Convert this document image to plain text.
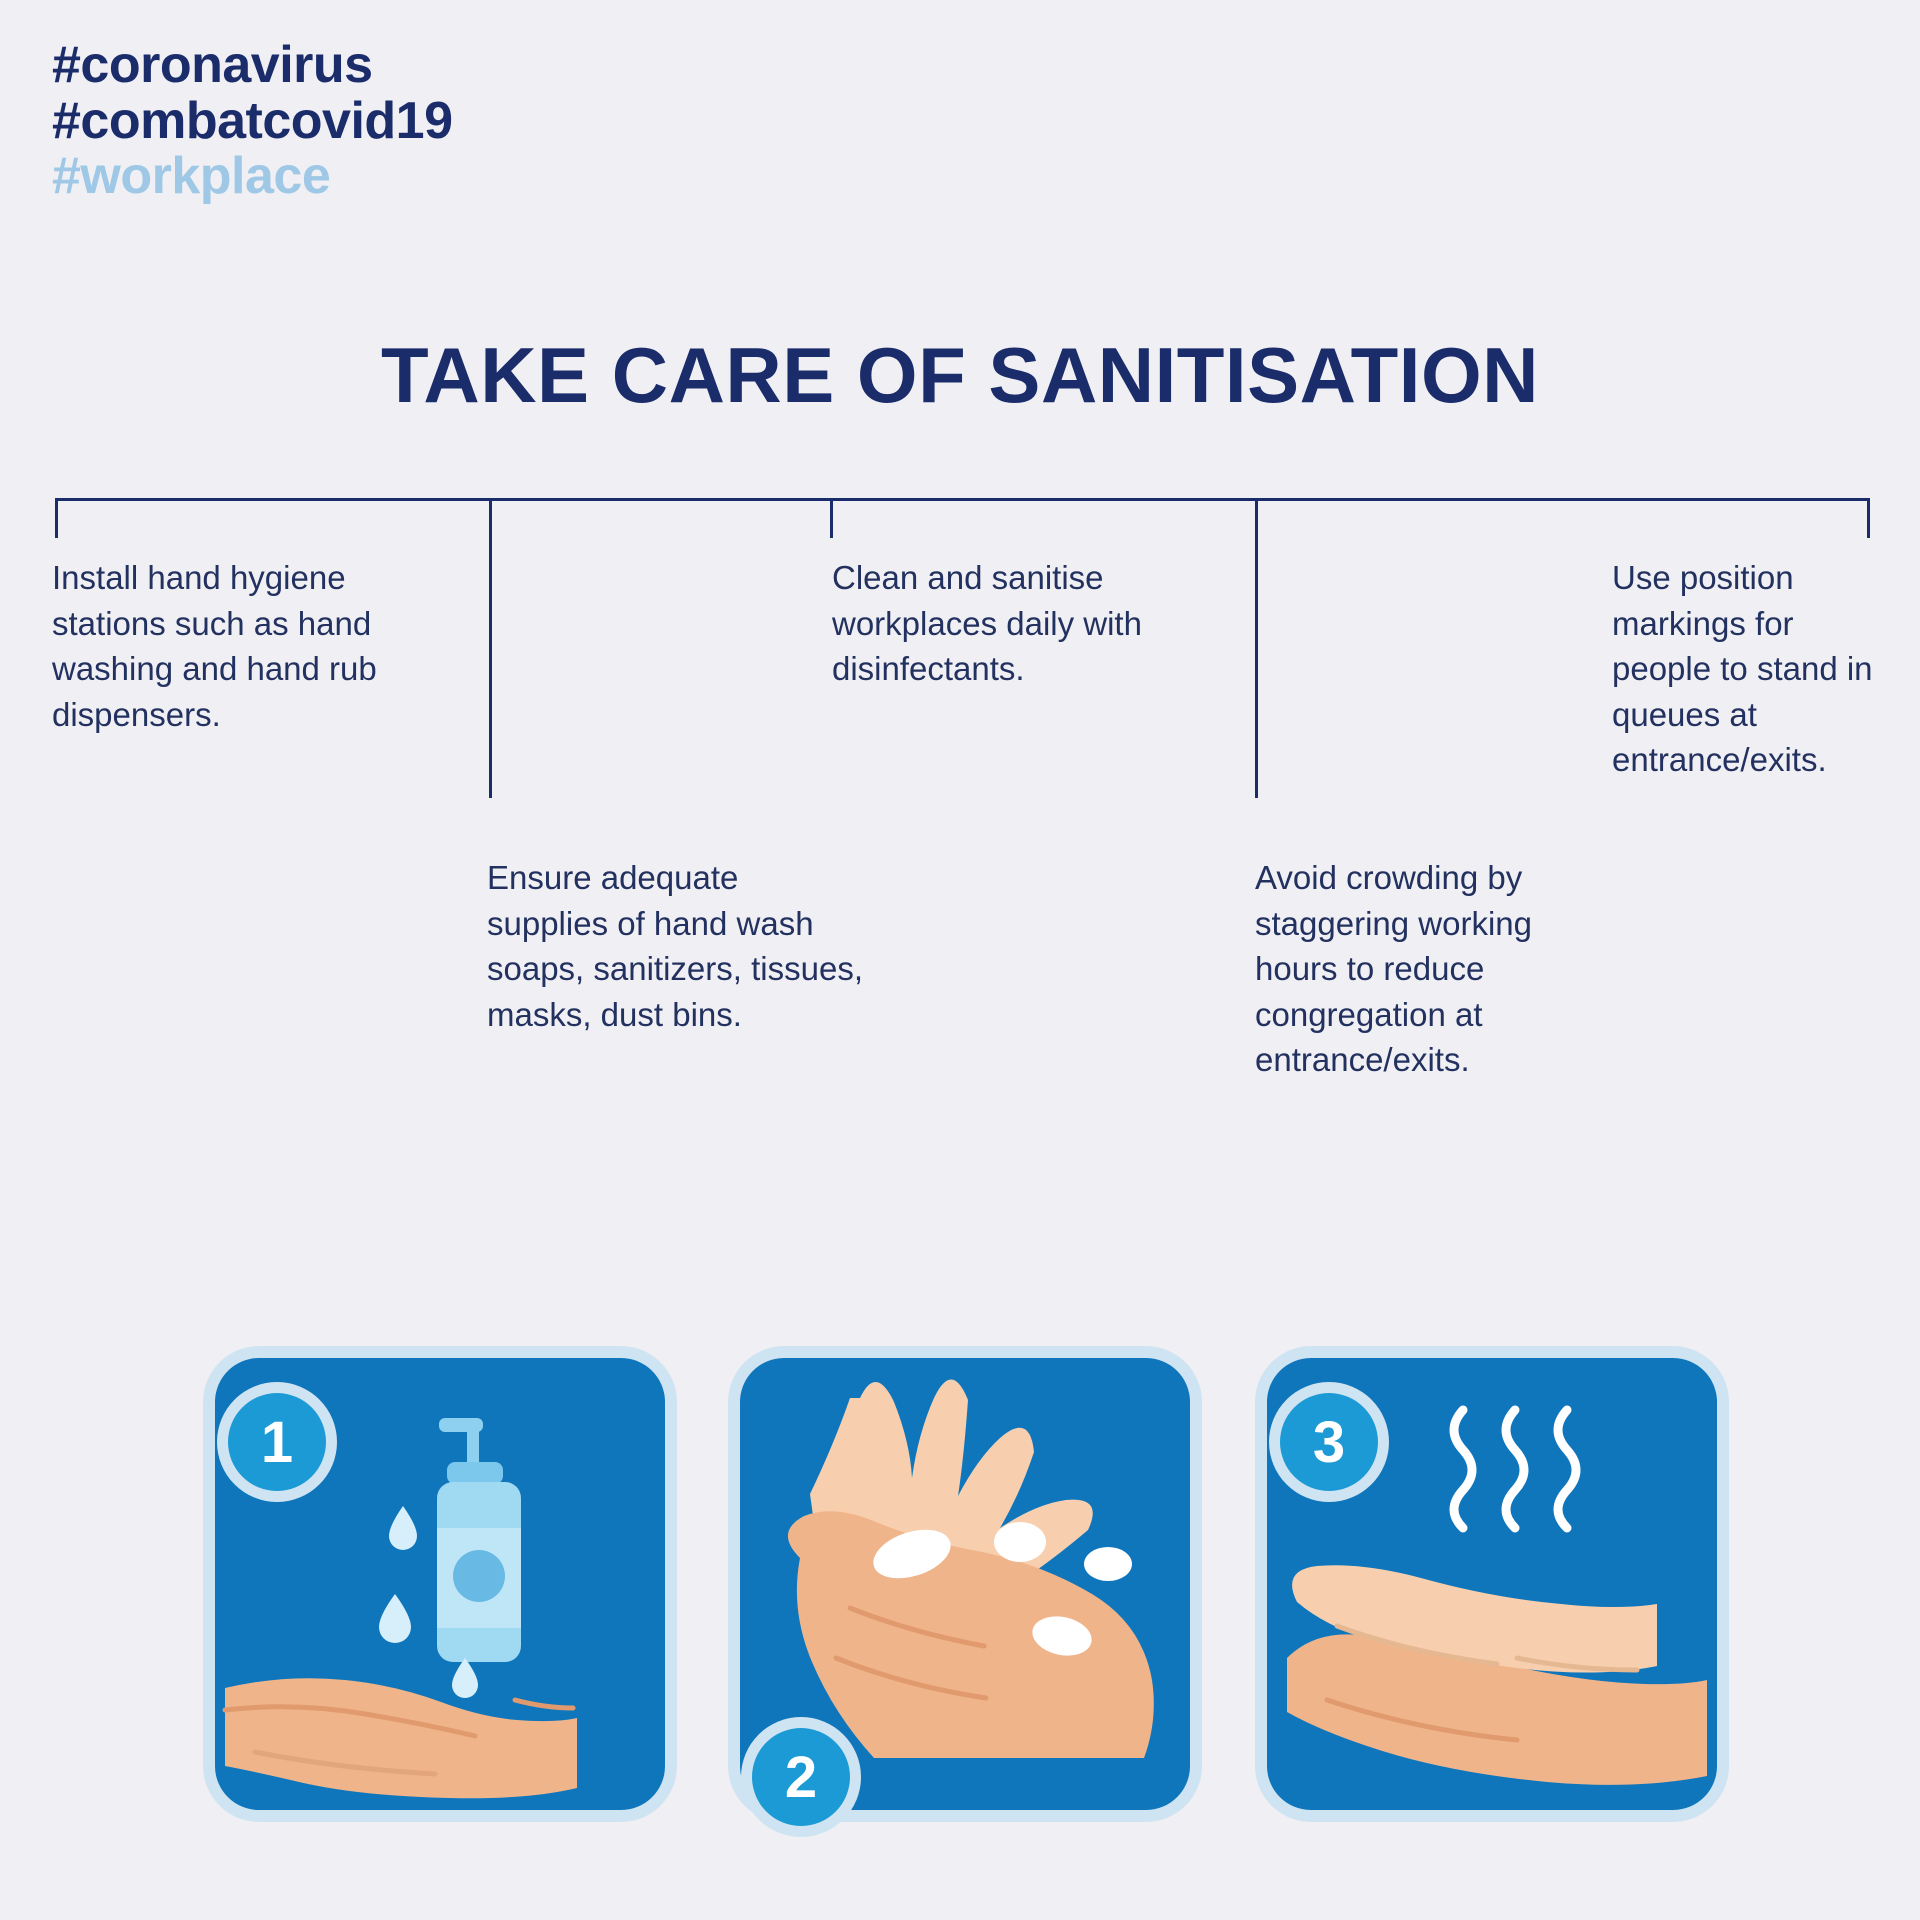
#coronavirus
#combatcovid19
#workplace
TAKE CARE OF SANITISATION
Install hand hygiene stations such as hand washing and hand rub dispensers.
Ensure adequate supplies of hand wash soaps, sanitizers, tissues, masks, dust bins.
Clean and sanitise workplaces daily with disinfectants.
Avoid crowding by staggering working hours to reduce congregation at entrance/exits.
Use position markings for people to stand in queues at entrance/exits.
1
2
3
